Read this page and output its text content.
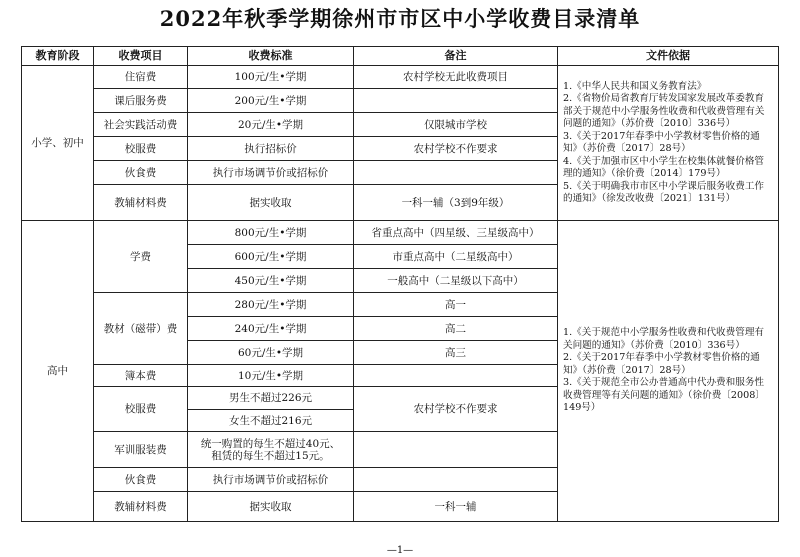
2022年秋季学期徐州市市区中小学收费目录清单
教育阶段	收费项目	收费标准	备注	文件依据
小学、初中	住宿费	100元/生•学期	农村学校无此收费项目	1.《中华人民共和国义务教育法》
2.《省物价局省教育厅转发国家发展改革委教育部关于规范中小学服务性收费和代收费管理有关问题的通知》（苏价费〔2010〕336号）
3.《关于2017年春季中小学教材零售价格的通知》（苏价费〔2017〕28号）
4.《关于加强市区中小学生在校集体就餐价格管理的通知》（徐价费〔2014〕179号）
5.《关于明确我市市区中小学课后服务收费工作的通知》（徐发改收费〔2021〕131号）

	课后服务费	200元/生•学期		
	社会实践活动费	20元/生•学期	仅限城市学校	
	校服费	执行招标价	农村学校不作要求	
	伙食费	执行市场调节价或招标价		
	教辅材料费	据实收取	一科一辅（3到9年级）	
高中	学费	800元/生•学期	省重点高中（四星级、三星级高中）	1.《关于规范中小学服务性收费和代收费管理有关问题的通知》（苏价费〔2010〕336号）
2.《关于2017年春季中小学教材零售价格的通知》（苏价费〔2017〕28号）
3.《关于规范全市公办普通高中代办费和服务性收费管理等有关问题的通知》（徐价费〔2008〕149号）

		600元/生•学期	市重点高中（二星级高中）	
		450元/生•学期	一般高中（二星级以下高中）	
	教材（磁带）费	280元/生•学期	高一	
		240元/生•学期	高二	
		60元/生•学期	高三	
	簿本费	10元/生•学期		
	校服费	男生不超过226元	农村学校不作要求	
		女生不超过216元		
	军训服装费	统一购置的每生不超过40元、
租赁的每生不超过15元。		

	伙食费	执行市场调节价或招标价		
	教辅材料费	据实收取	一科一辅	
—1—
